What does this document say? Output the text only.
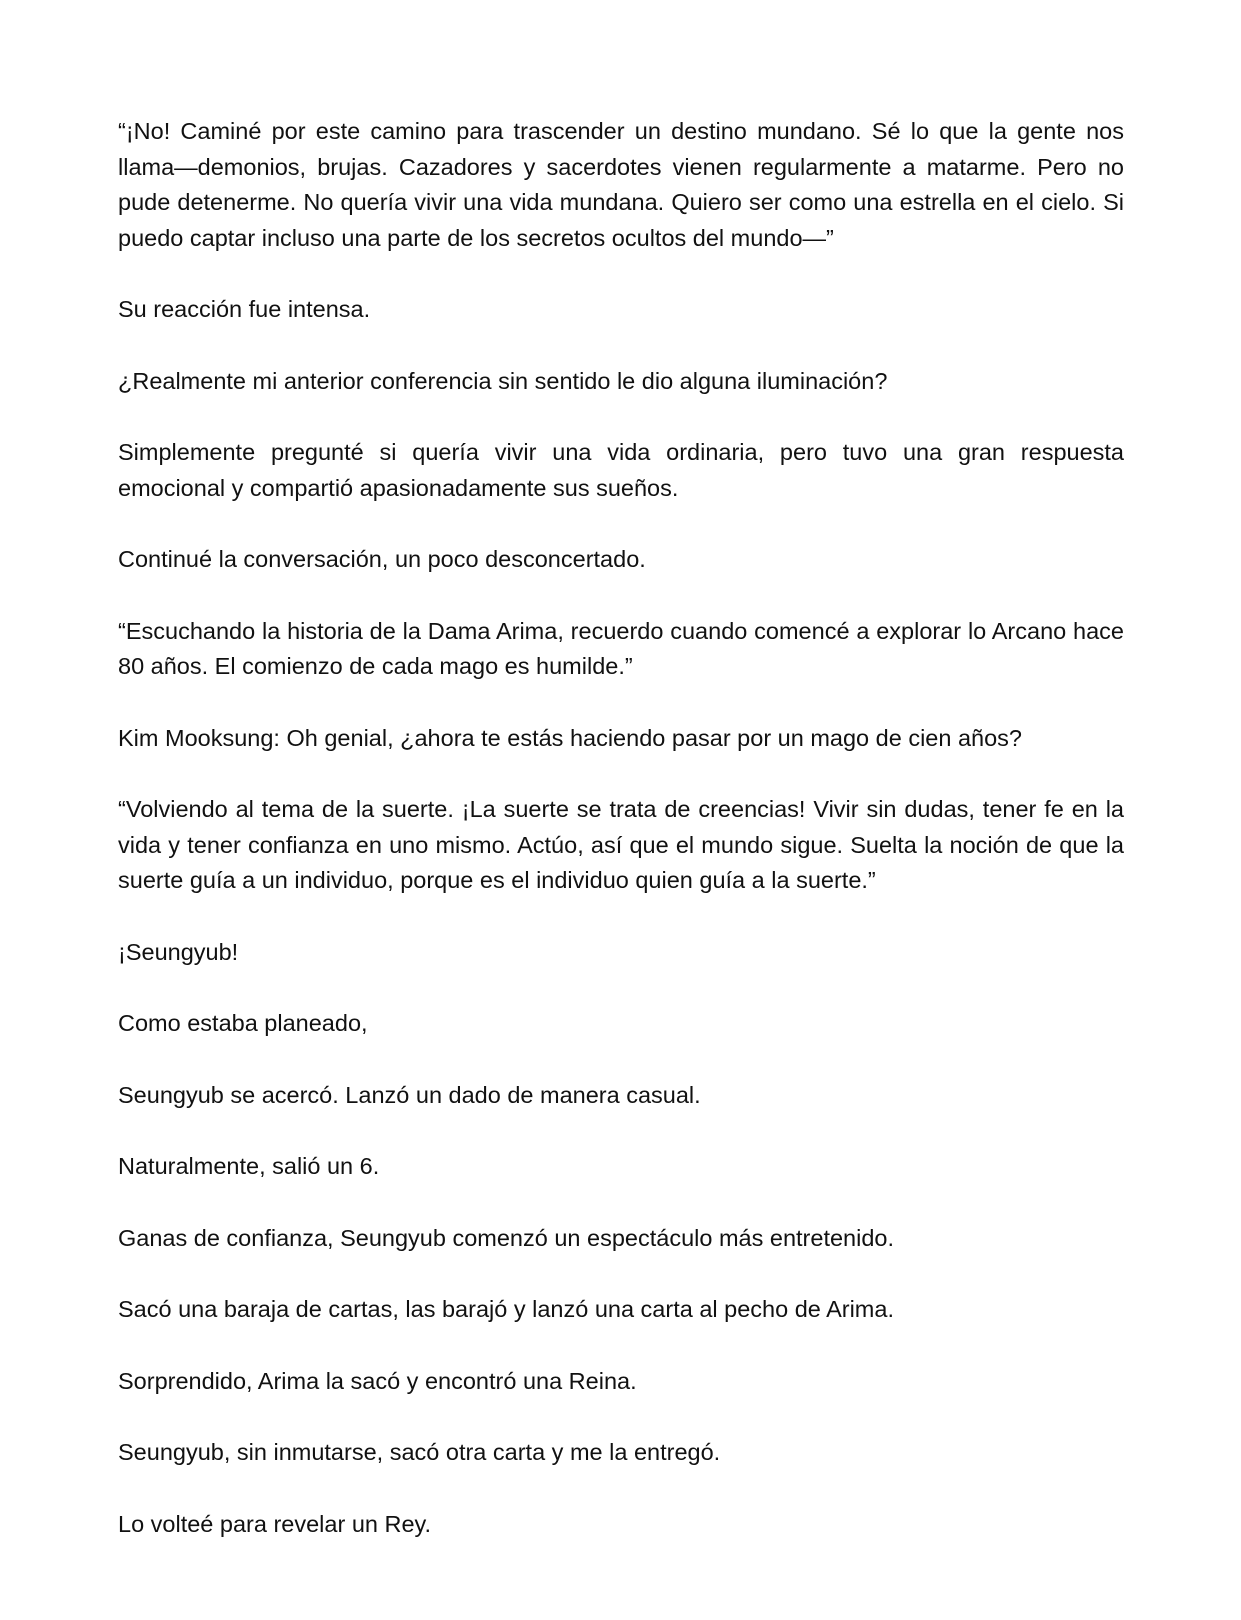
“¡No! Caminé por este camino para trascender un destino mundano. Sé lo que la gente nos llama—demonios, brujas. Cazadores y sacerdotes vienen regularmente a matarme. Pero no pude detenerme. No quería vivir una vida mundana. Quiero ser como una estrella en el cielo. Si puedo captar incluso una parte de los secretos ocultos del mundo—”

Su reacción fue intensa.

¿Realmente mi anterior conferencia sin sentido le dio alguna iluminación?

Simplemente pregunté si quería vivir una vida ordinaria, pero tuvo una gran respuesta emocional y compartió apasionadamente sus sueños.

Continué la conversación, un poco desconcertado.

“Escuchando la historia de la Dama Arima, recuerdo cuando comencé a explorar lo Arcano hace 80 años. El comienzo de cada mago es humilde.”

Kim Mooksung: Oh genial, ¿ahora te estás haciendo pasar por un mago de cien años?

“Volviendo al tema de la suerte. ¡La suerte se trata de creencias! Vivir sin dudas, tener fe en la vida y tener confianza en uno mismo. Actúo, así que el mundo sigue. Suelta la noción de que la suerte guía a un individuo, porque es el individuo quien guía a la suerte.”

¡Seungyub!

Como estaba planeado,

Seungyub se acercó. Lanzó un dado de manera casual.

Naturalmente, salió un 6.

Ganas de confianza, Seungyub comenzó un espectáculo más entretenido.

Sacó una baraja de cartas, las barajó y lanzó una carta al pecho de Arima.

Sorprendido, Arima la sacó y encontró una Reina.

Seungyub, sin inmutarse, sacó otra carta y me la entregó.

Lo volteé para revelar un Rey.
